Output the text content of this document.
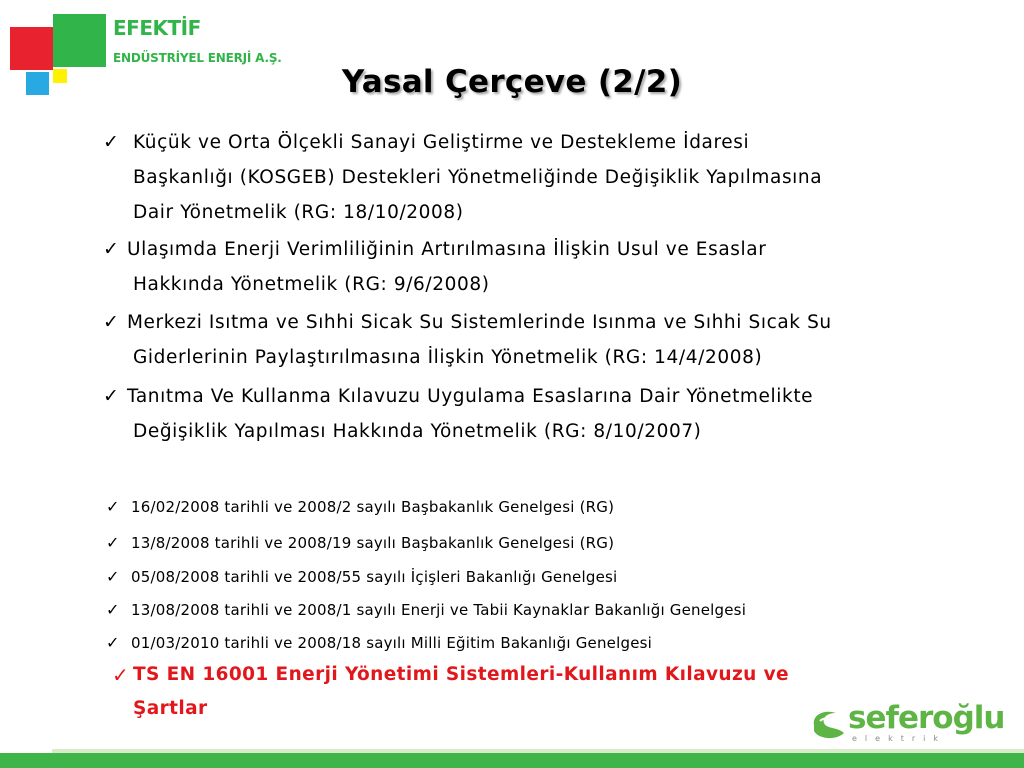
EFEKTİF
ENDÜSTRİYEL ENERJİ A.Ş.
Yasal Çerçeve (2/2)
✓ Küçük ve Orta Ölçekli Sanayi Geliştirme ve Destekleme İdaresi
Başkanlığı (KOSGEB) Destekleri Yönetmeliğinde Değişiklik Yapılmasına
Dair Yönetmelik (RG: 18/10/2008)
✓ Ulaşımda Enerji Verimliliğinin Artırılmasına İlişkin Usul ve Esaslar
Hakkında Yönetmelik (RG: 9/6/2008)
✓ Merkezi Isıtma ve Sıhhi Sicak Su Sistemlerinde Isınma ve Sıhhi Sıcak Su
Giderlerinin Paylaştırılmasına İlişkin Yönetmelik (RG: 14/4/2008)
✓ Tanıtma Ve Kullanma Kılavuzu Uygulama Esaslarına Dair Yönetmelikte
Değişiklik Yapılması Hakkında Yönetmelik (RG: 8/10/2007)
✓ 16/02/2008 tarihli ve 2008/2 sayılı Başbakanlık Genelgesi (RG)
✓ 13/8/2008 tarihli ve 2008/19 sayılı Başbakanlık Genelgesi (RG)
✓ 05/08/2008 tarihli ve 2008/55 sayılı İçişleri Bakanlığı Genelgesi
✓ 13/08/2008 tarihli ve 2008/1 sayılı Enerji ve Tabii Kaynaklar Bakanlığı Genelgesi
✓ 01/03/2010 tarihli ve 2008/18 sayılı Milli Eğitim Bakanlığı Genelgesi
✓ TS EN 16001 Enerji Yönetimi Sistemleri-Kullanım Kılavuzu ve
Şartlar	seferoğlu
elektrik
